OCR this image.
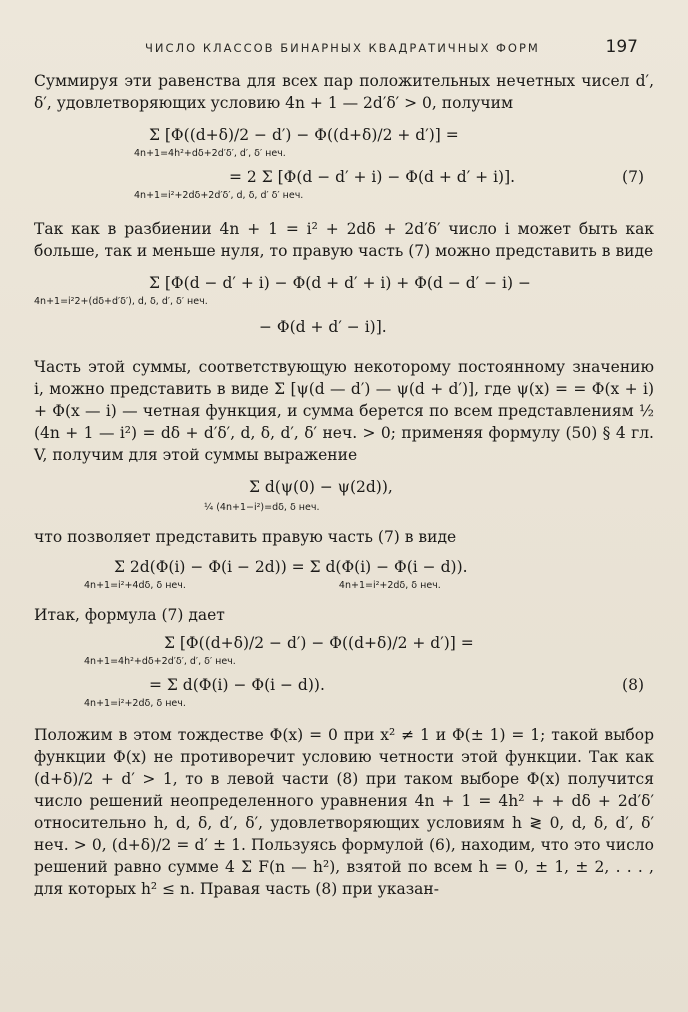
ЧИСЛО КЛАССОВ БИНАРНЫХ КВАДРАТИЧНЫХ ФОРМ	197

Суммируя эти равенства для всех пар положительных нечетных чисел d′, δ′, удовлетворяющих условию 4n + 1 — 2d′δ′ > 0, получим

Σ [Φ((d+δ)/2 − d′) − Φ((d+δ)/2 + d′)] =
4n+1=4h²+dδ+2d′δ′, d′, δ′ неч.
= 2 Σ [Φ(d − d′ + i) − Φ(d + d′ + i)].	(7)
4n+1=i²+2dδ+2d′δ′, d, δ, d′ δ′ неч.

Так как в разбиении 4n + 1 = i² + 2dδ + 2d′δ′ число i может быть как больше, так и меньше нуля, то правую часть (7) можно представить в виде

Σ [Φ(d − d′ + i) − Φ(d + d′ + i) + Φ(d − d′ − i) −
4n+1=i²2+(dδ+d′δ′), d, δ, d′, δ′ неч.
− Φ(d + d′ − i)].

Часть этой суммы, соответствующую некоторому постоянному значению i, можно представить в виде Σ [ψ(d — d′) — ψ(d + d′)], где ψ(x) = = Φ(x + i) + Φ(x — i) — четная функция, и сумма берется по всем представлениям ½ (4n + 1 — i²) = dδ + d′δ′, d, δ, d′, δ′ неч. > 0; применяя формулу (50) § 4 гл. V, получим для этой суммы выражение

Σ d(ψ(0) − ψ(2d)),
¼ (4n+1−i²)=dδ, δ неч.

что позволяет представить правую часть (7) в виде

Σ 2d(Φ(i) − Φ(i − 2d)) = Σ d(Φ(i) − Φ(i − d)).
4n+1=i²+4dδ, δ неч.	4n+1=i²+2dδ, δ неч.

Итак, формула (7) дает

Σ [Φ((d+δ)/2 − d′) − Φ((d+δ)/2 + d′)] =
4n+1=4h²+dδ+2d′δ′, d′, δ′ неч.
= Σ d(Φ(i) − Φ(i − d)).	(8)
4n+1=i²+2dδ, δ неч.

Положим в этом тождестве Φ(x) = 0 при x² ≠ 1 и Φ(± 1) = 1; такой выбор функции Φ(x) не противоречит условию четности этой функции. Так как (d+δ)/2 + d′ > 1, то в левой части (8) при таком выборе Φ(x) получится число решений неопределенного уравнения 4n + 1 = 4h² + + dδ + 2d′δ′ относительно h, d, δ, d′, δ′, удовлетворяющих условиям h ≷ 0, d, δ, d′, δ′ неч. > 0, (d+δ)/2 = d′ ± 1. Пользуясь формулой (6), находим, что это число решений равно сумме 4 Σ F(n — h²), взятой по всем h = 0, ± 1, ± 2, . . . , для которых h² ≤ n. Правая часть (8) при указан-
